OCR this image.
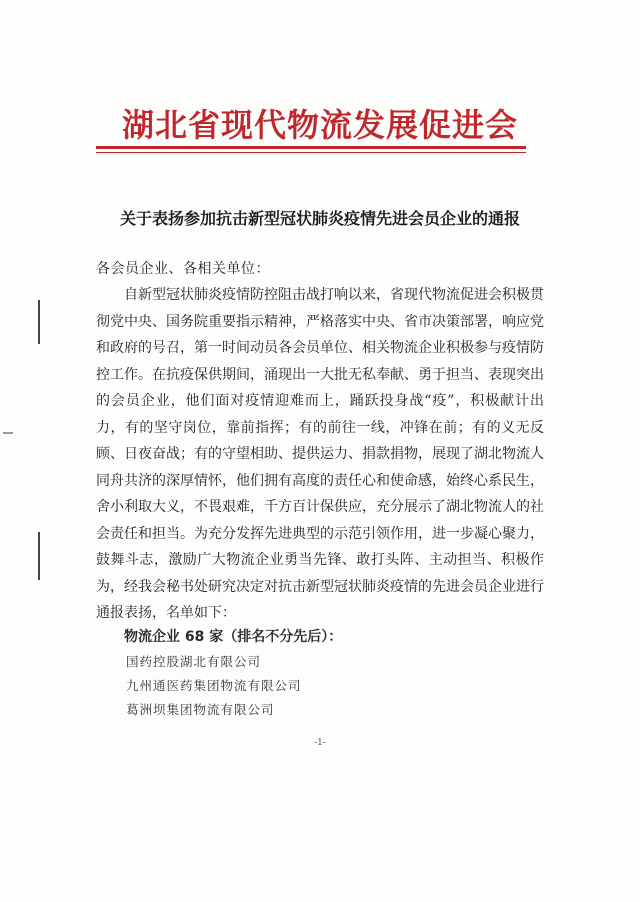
湖北省现代物流发展促进会
关于表扬参加抗击新型冠状肺炎疫情先进会员企业的通报
各会员企业、各相关单位：

自新型冠状肺炎疫情防控阻击战打响以来，省现代物流促进会积极贯彻党中央、国务院重要指示精神，严格落实中央、省市决策部署，响应党和政府的号召，第一时间动员各会员单位、相关物流企业积极参与疫情防控工作。在抗疫保供期间，涌现出一大批无私奉献、勇于担当、表现突出的会员企业，他们面对疫情迎难而上，踊跃投身战“疫”，积极献计出力，有的坚守岗位，靠前指挥；有的前往一线，冲锋在前；有的义无反顾、日夜奋战；有的守望相助、提供运力、捐款捐物，展现了湖北物流人同舟共济的深厚情怀，他们拥有高度的责任心和使命感，始终心系民生，舍小利取大义，不畏艰难，千方百计保供应，充分展示了湖北物流人的社会责任和担当。为充分发挥先进典型的示范引领作用，进一步凝心聚力，鼓舞斗志，激励广大物流企业勇当先锋、敢打头阵、主动担当、积极作为，经我会秘书处研究决定对抗击新型冠状肺炎疫情的先进会员企业进行通报表扬，名单如下：

物流企业 68 家（排名不分先后）：
国药控股湖北有限公司
九州通医药集团物流有限公司
葛洲坝集团物流有限公司
-1-
